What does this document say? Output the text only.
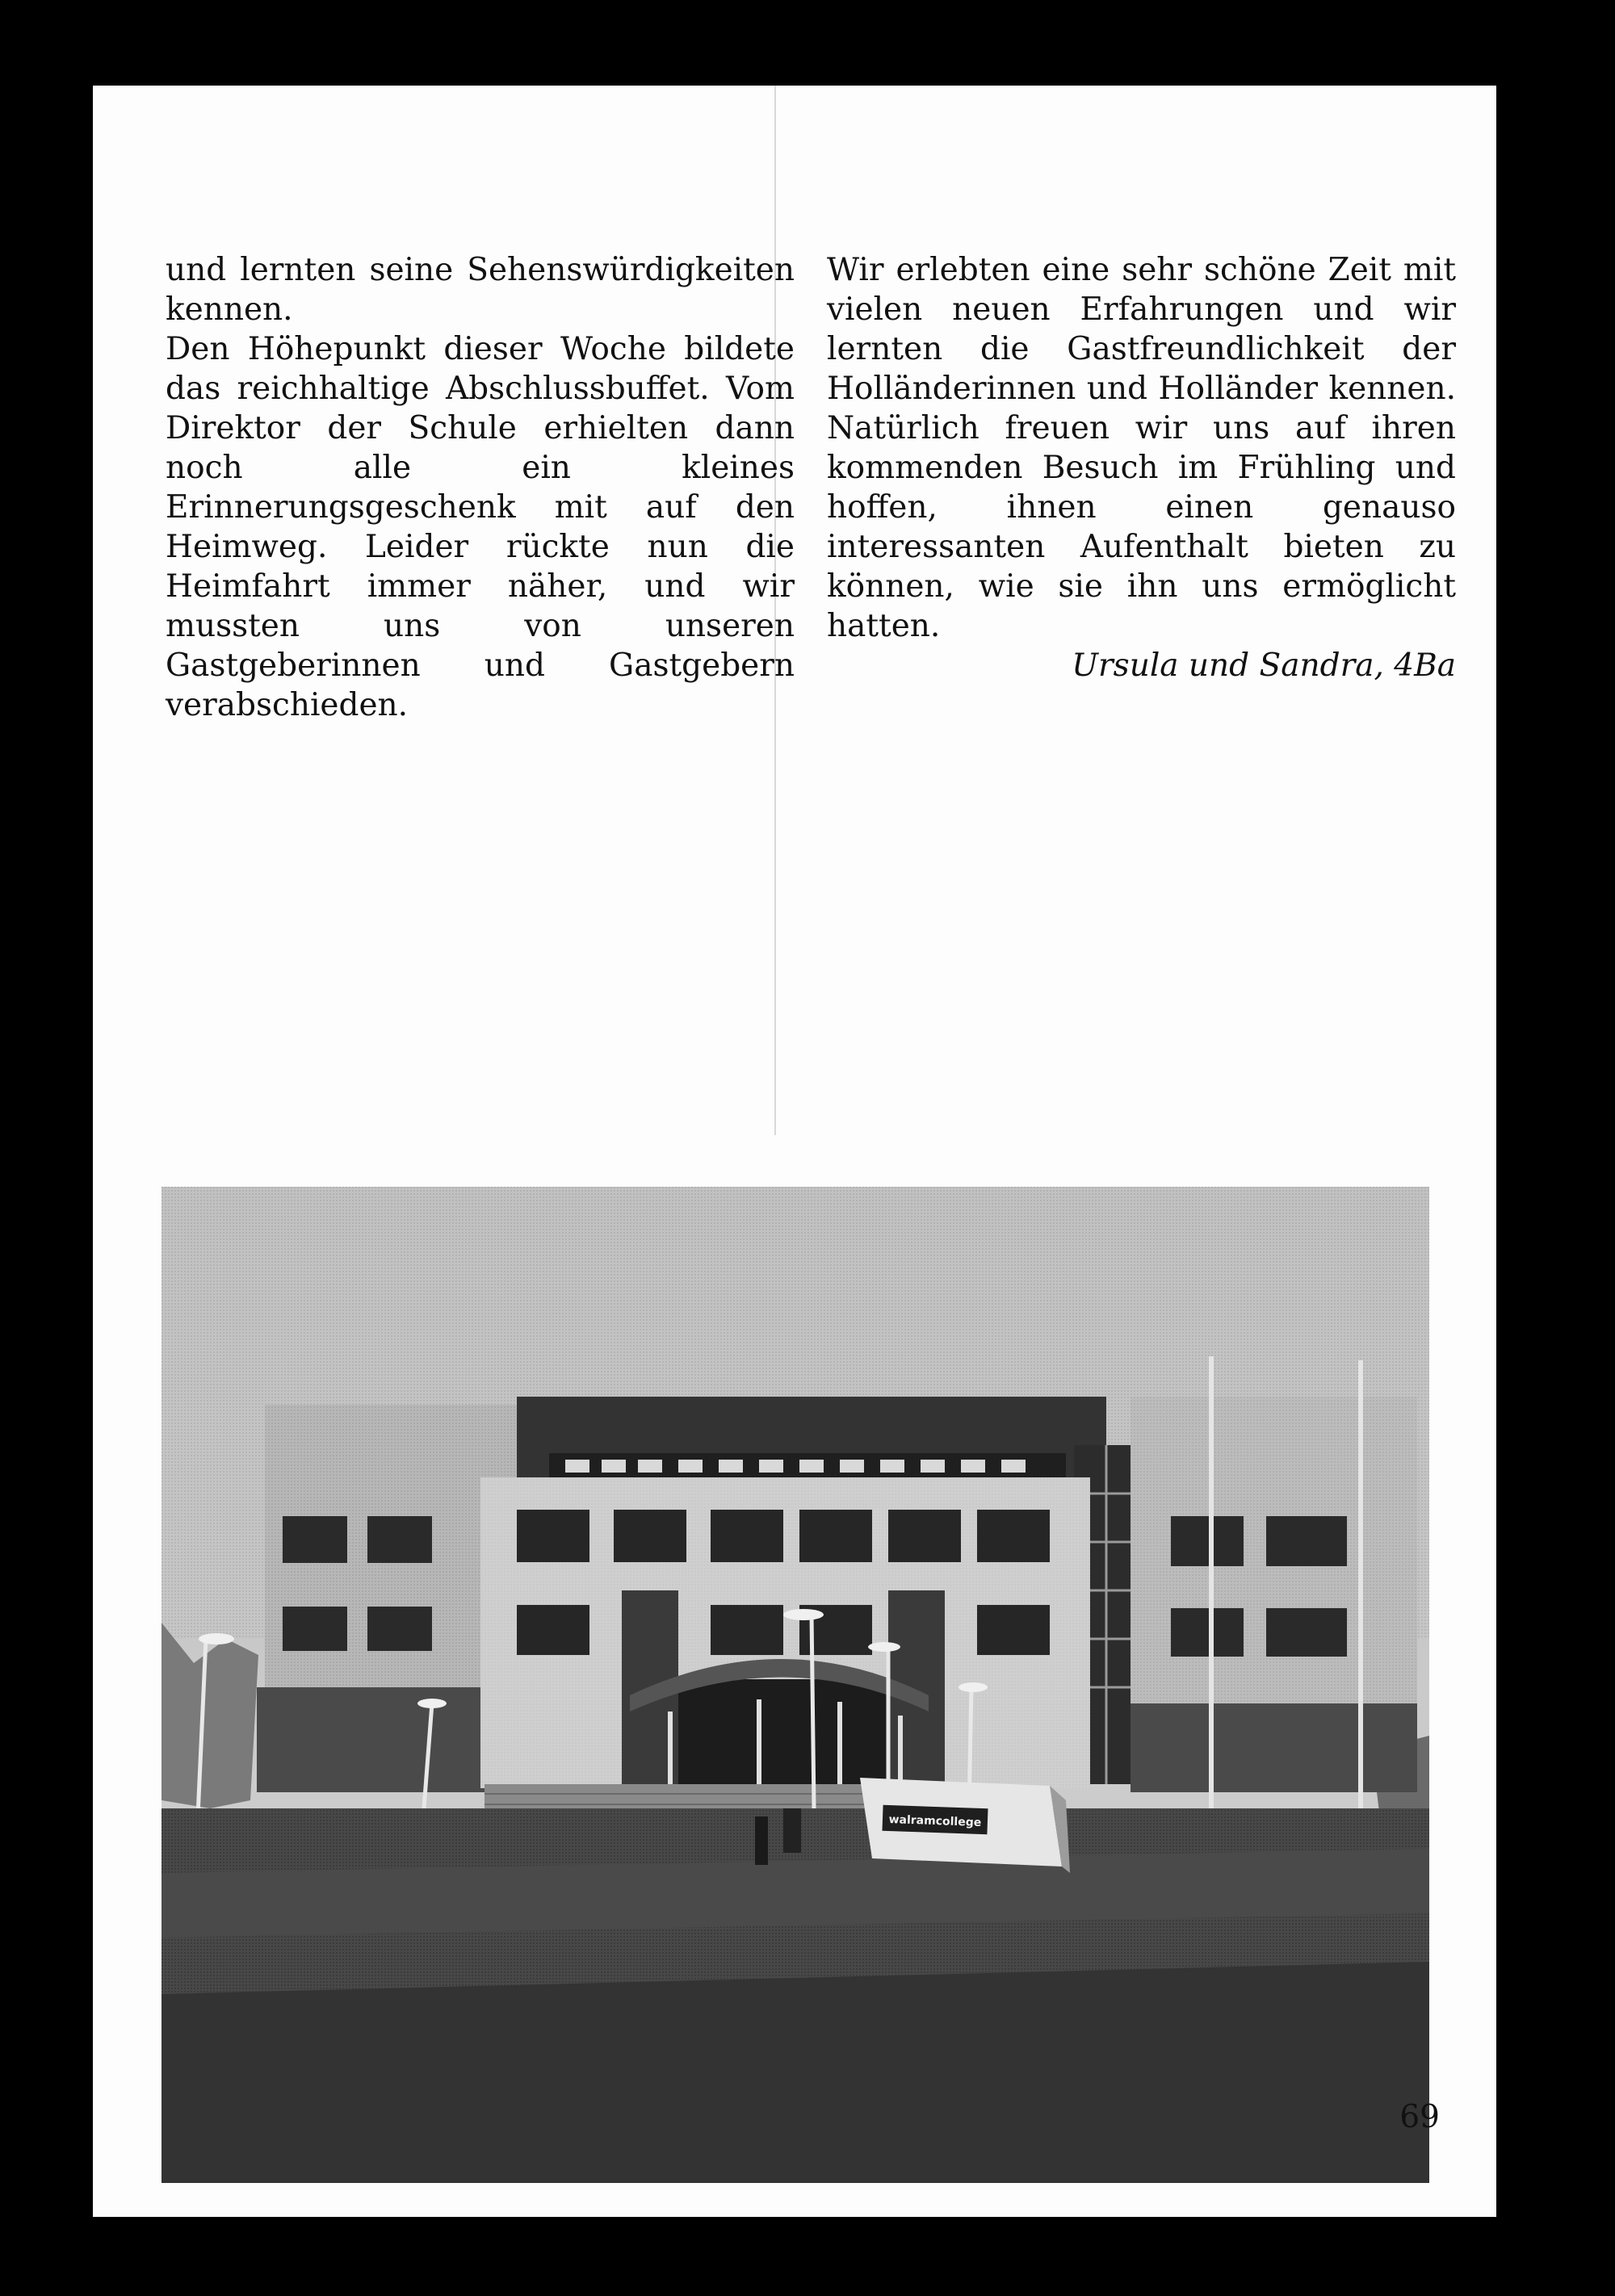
und lernten seine Sehenswürdigkeiten kennen.

Den Höhepunkt dieser Woche bildete das reichhaltige Abschlussbuffet. Vom Direktor der Schule erhielten dann noch alle ein kleines Erinnerungsgeschenk mit auf den Heimweg. Leider rückte nun die Heimfahrt immer näher, und wir mussten uns von unseren Gastgeberinnen und Gastgebern verabschieden.

Wir erlebten eine sehr schöne Zeit mit vielen neuen Erfahrungen und wir lernten die Gastfreundlichkeit der Holländerinnen und Holländer kennen. Natürlich freuen wir uns auf ihren kommenden Besuch im Frühling und hoffen, ihnen einen genauso interessanten Aufenthalt bieten zu können, wie sie ihn uns ermöglicht hatten.

Ursula und Sandra, 4Ba

walramcollege
69
